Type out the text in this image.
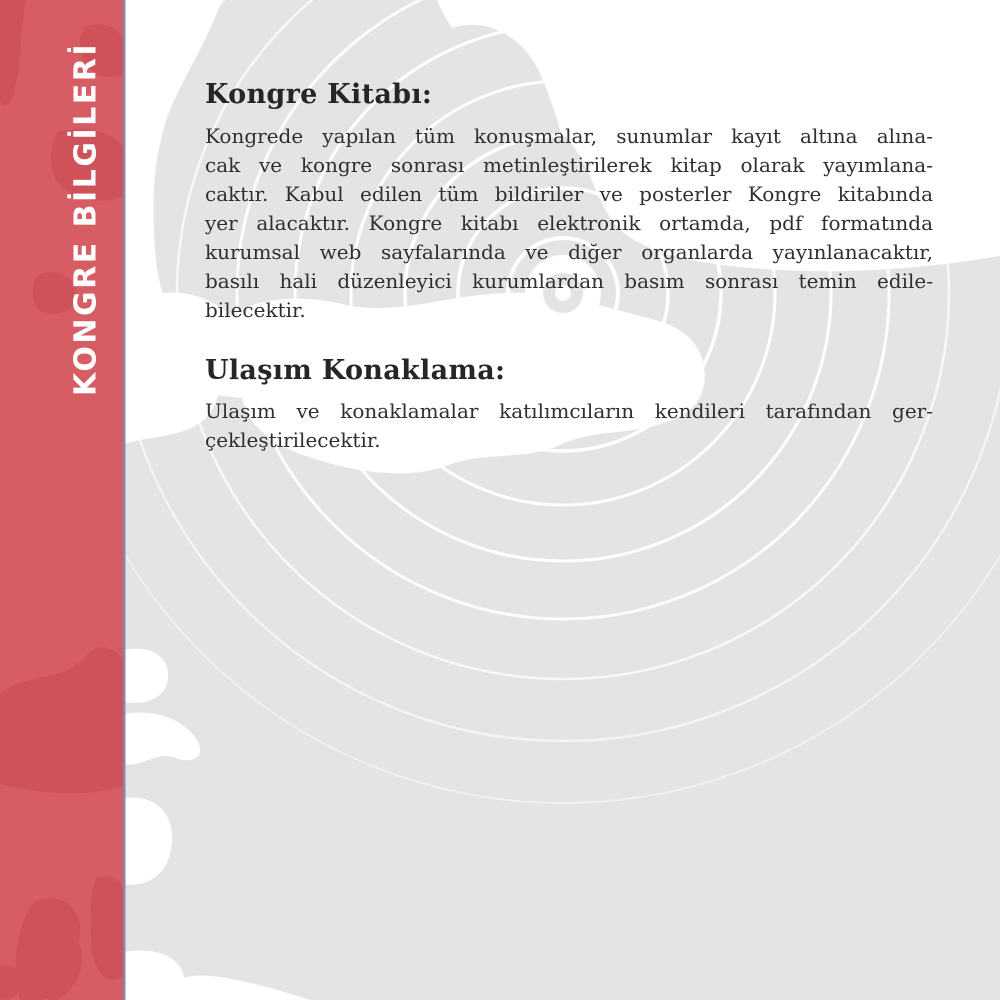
KONGRE BİLGİLERİ	Kongre Kitabı:
Kongrede yapılan tüm konuşmalar, sunumlar kayıt altına alına-
cak ve kongre sonrası metinleştirilerek kitap olarak yayımlana-
caktır. Kabul edilen tüm bildiriler ve posterler Kongre kitabında
yer alacaktır. Kongre kitabı elektronik ortamda, pdf formatında
kurumsal web sayfalarında ve diğer organlarda yayınlanacaktır,
basılı hali düzenleyici kurumlardan basım sonrası temin edile-
bilecektir.
Ulaşım Konaklama:
Ulaşım ve konaklamalar katılımcıların kendileri tarafından ger-
çekleştirilecektir.
